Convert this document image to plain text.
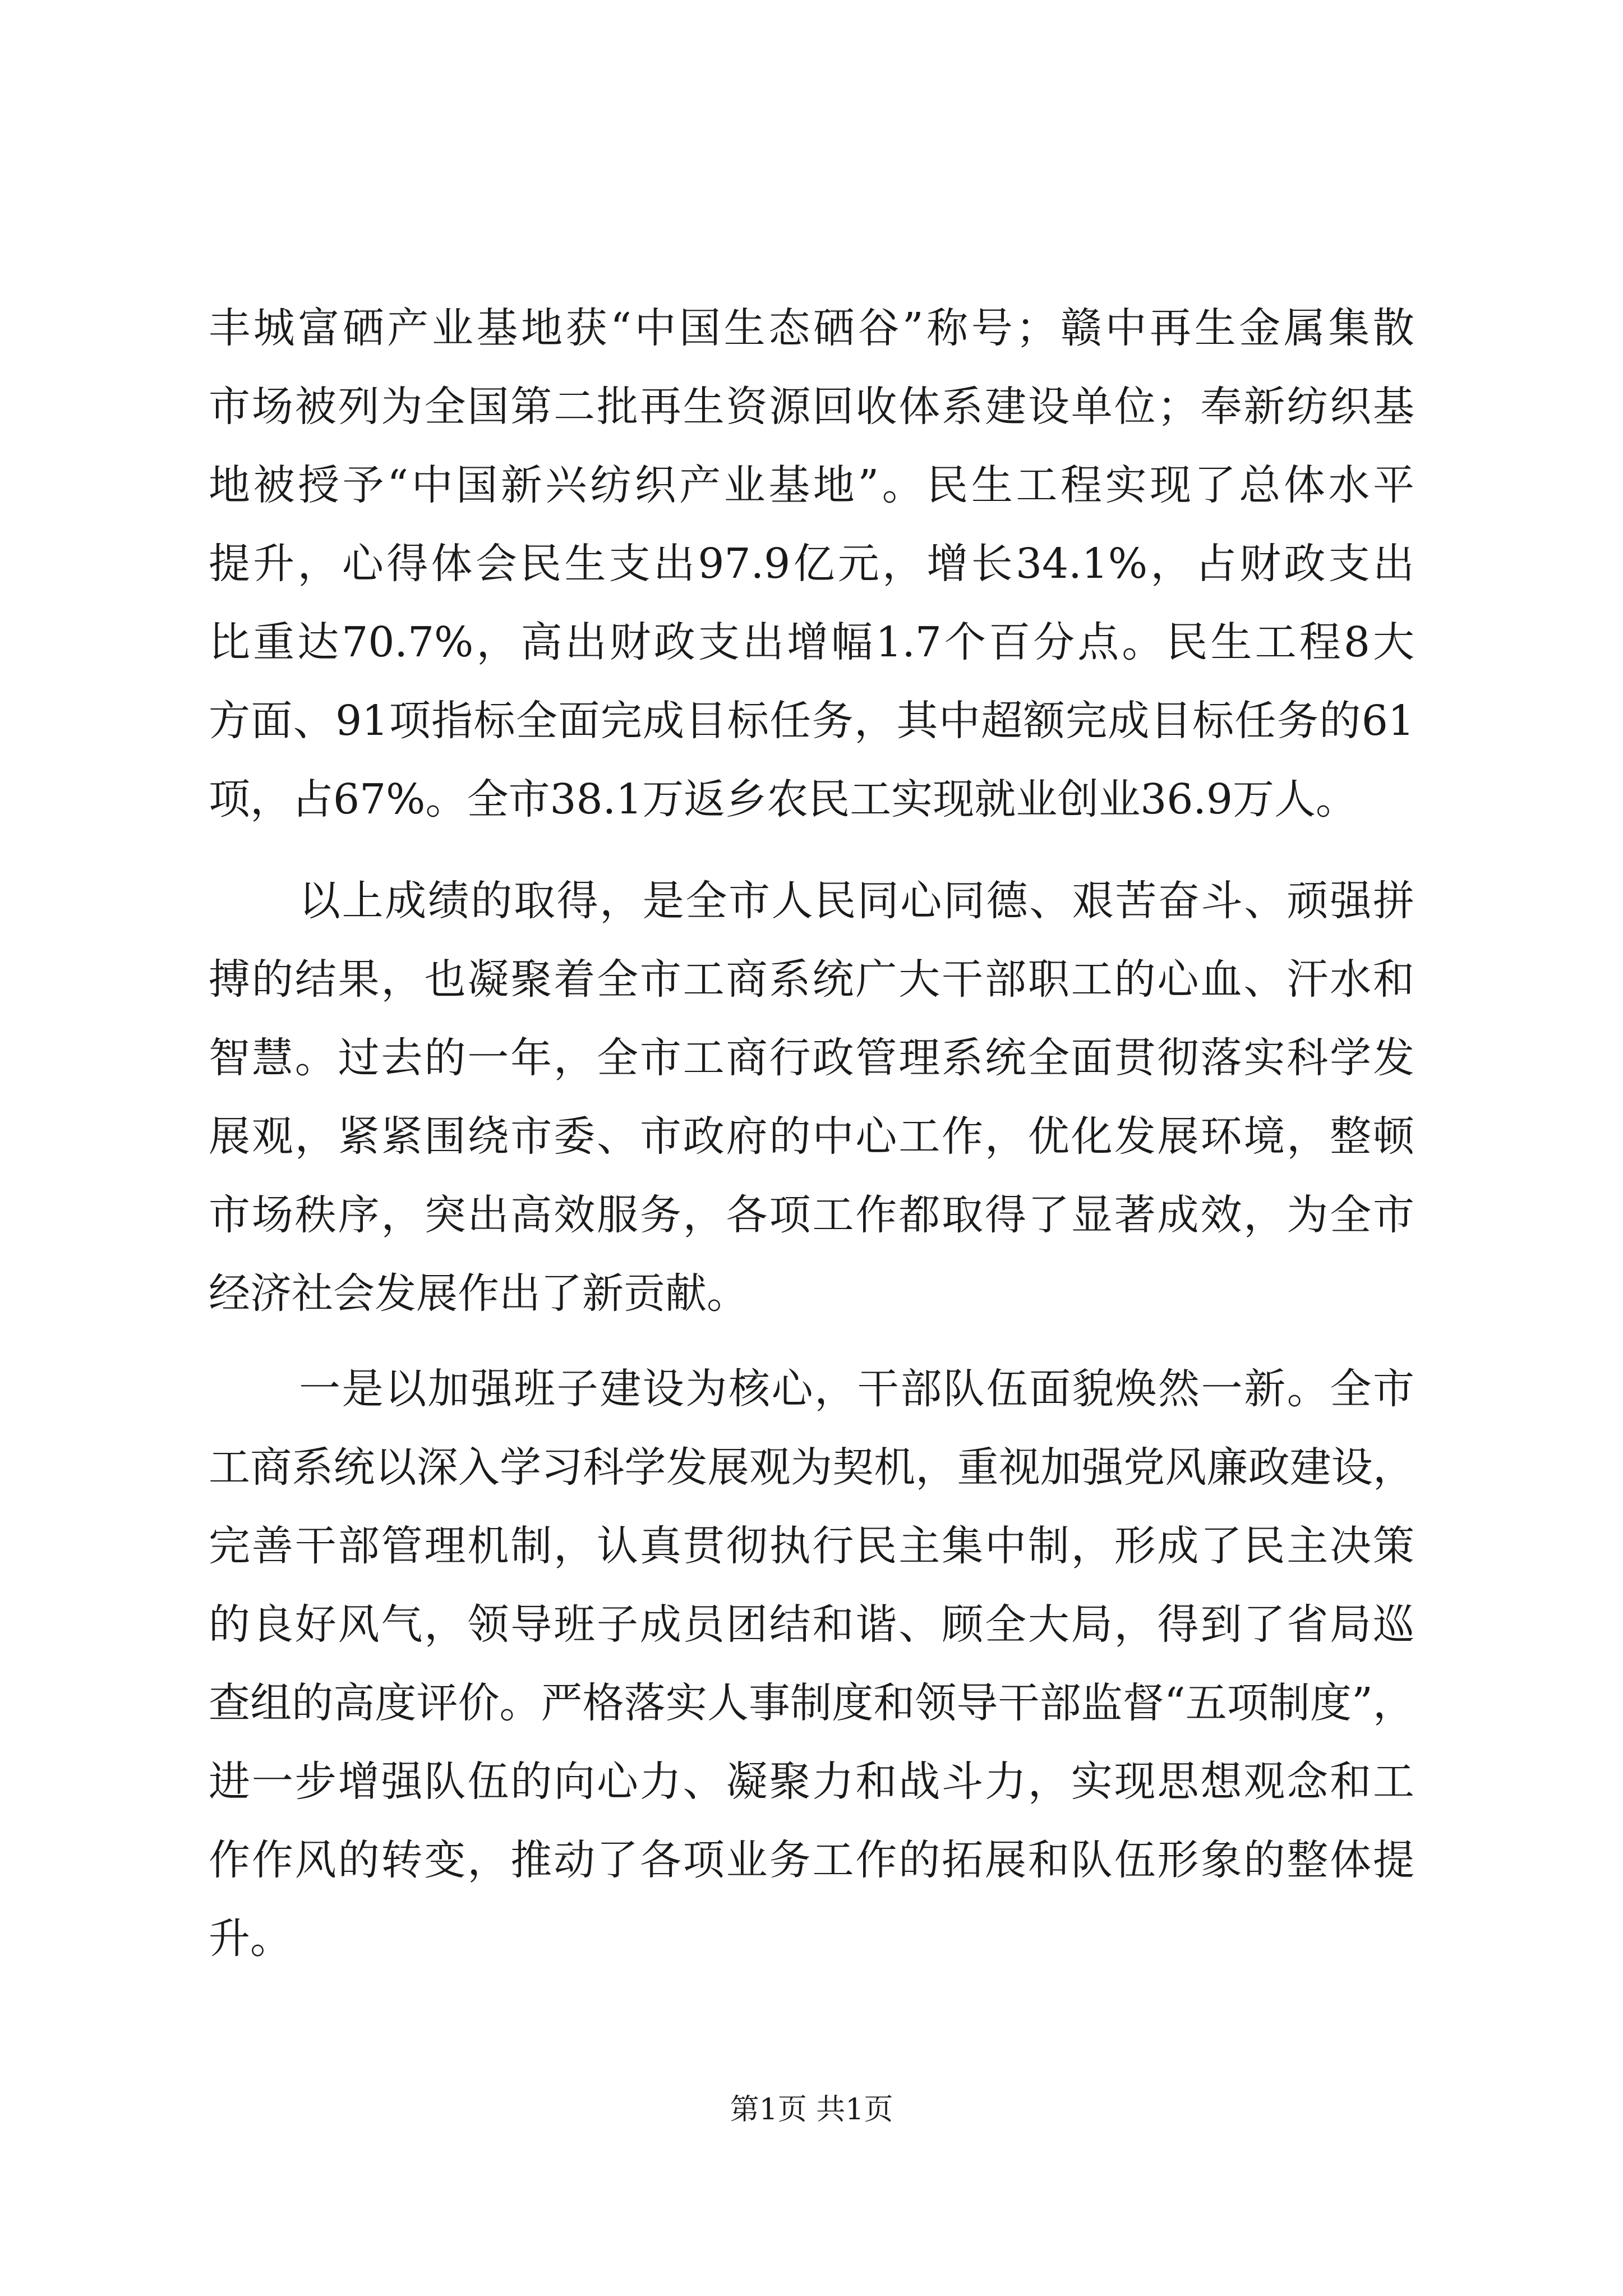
丰城富硒产业基地获“中国生态硒谷”称号；赣中再生金属集散
市场被列为全国第二批再生资源回收体系建设单位；奉新纺织基
地被授予“中国新兴纺织产业基地”。民生工程实现了总体水平
提升，心得体会民生支出97.9亿元，增长34.1%，占财政支出
比重达70.7%，高出财政支出增幅1.7个百分点。民生工程8大
方面、91项指标全面完成目标任务，其中超额完成目标任务的61
项，占67%。全市38.1万返乡农民工实现就业创业36.9万人。
以上成绩的取得，是全市人民同心同德、艰苦奋斗、顽强拼
搏的结果，也凝聚着全市工商系统广大干部职工的心血、汗水和
智慧。过去的一年，全市工商行政管理系统全面贯彻落实科学发
展观，紧紧围绕市委、市政府的中心工作，优化发展环境，整顿
市场秩序，突出高效服务，各项工作都取得了显著成效，为全市
经济社会发展作出了新贡献。
一是以加强班子建设为核心，干部队伍面貌焕然一新。全市
工商系统以深入学习科学发展观为契机，重视加强党风廉政建设，
完善干部管理机制，认真贯彻执行民主集中制，形成了民主决策
的良好风气，领导班子成员团结和谐、顾全大局，得到了省局巡
查组的高度评价。严格落实人事制度和领导干部监督“五项制度”，
进一步增强队伍的向心力、凝聚力和战斗力，实现思想观念和工
作作风的转变，推动了各项业务工作的拓展和队伍形象的整体提
升。
第1页 共1页
